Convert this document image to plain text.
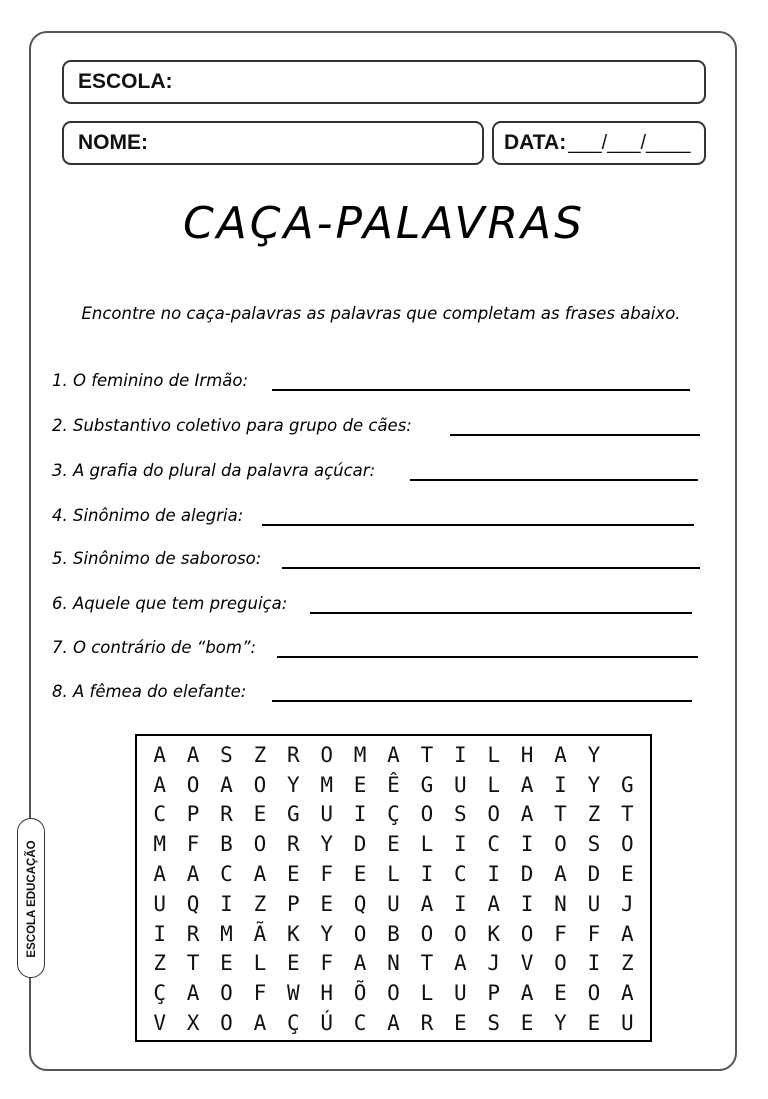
ESCOLA:
NOME:	DATA: ___/___/____
CAÇA-PALAVRAS
Encontre no caça-palavras as palavras que completam as frases abaixo.
1. O feminino de Irmão:
2. Substantivo coletivo para grupo de cães:
3. A grafia do plural da palavra açúcar:
4. Sinônimo de alegria:
5. Sinônimo de saboroso:
6. Aquele que tem preguiça:
7. O contrário de “bom”:
8. A fêmea do elefante:
A A S Z R O M A T I L H A Y
A O A O Y M E Ê G U L A I Y G
C P R E G U I Ç O S O A T Z T
M F B O R Y D E L I C I O S O
A A C A E F E L I C I D A D E
U Q I Z P E Q U A I A I N U J
I R M Ã K Y O B O O K O F F A
Z T E L E F A N T A J V O I Z
Ç A O F W H Õ O L U P A E O A
V X O A Ç Ú C A R E S E Y E U
ESCOLA EDUCAÇÃO
